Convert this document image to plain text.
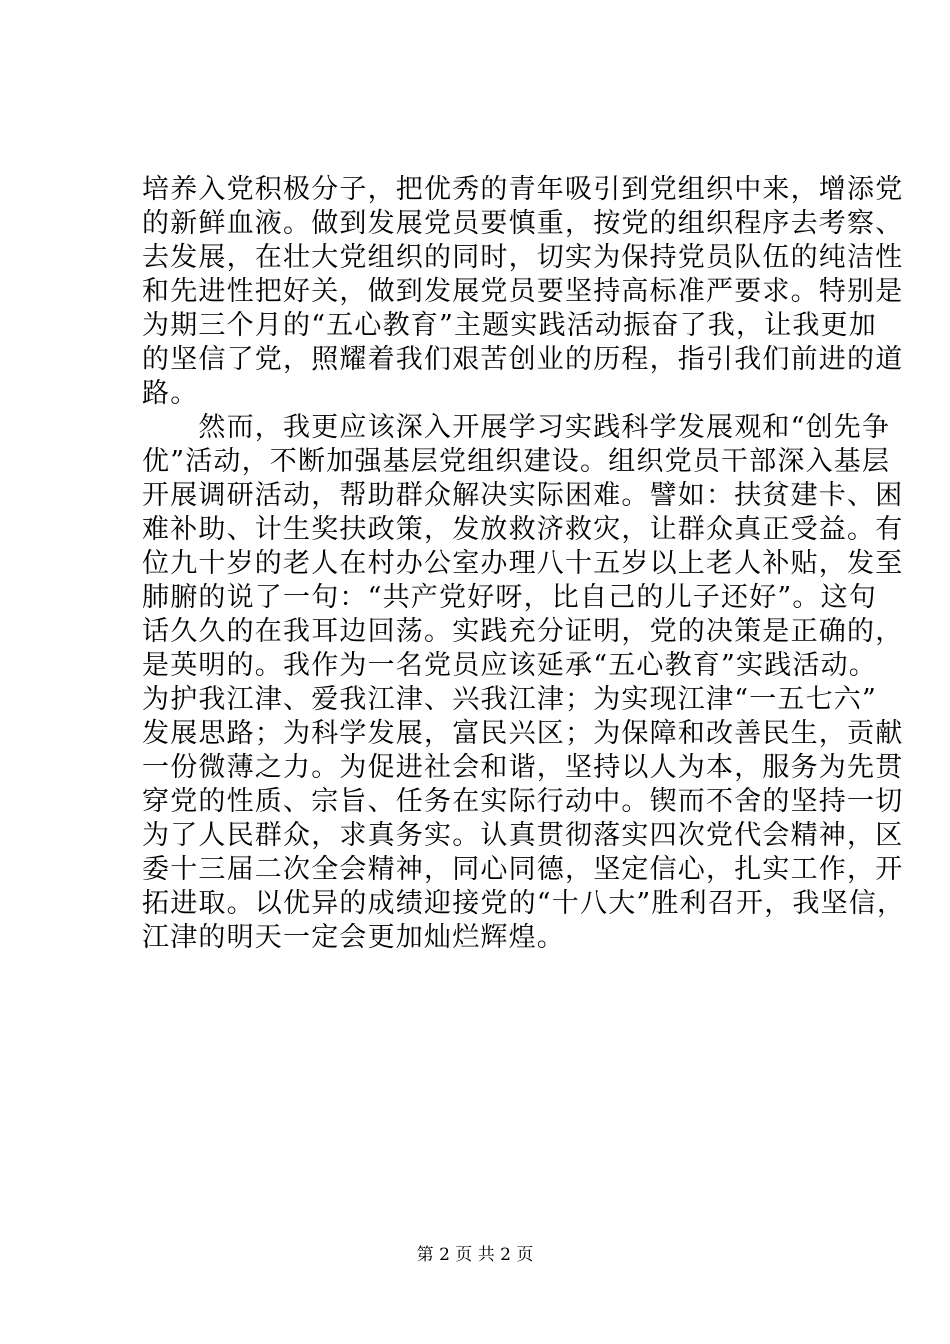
培养入党积极分子，把优秀的青年吸引到党组织中来，增添党
的新鲜血液。做到发展党员要慎重，按党的组织程序去考察、
去发展，在壮大党组织的同时，切实为保持党员队伍的纯洁性
和先进性把好关，做到发展党员要坚持高标准严要求。特别是
为期三个月的“五心教育”主题实践活动振奋了我，让我更加
的坚信了党，照耀着我们艰苦创业的历程，指引我们前进的道
路。
　　然而，我更应该深入开展学习实践科学发展观和“创先争
优”活动，不断加强基层党组织建设。组织党员干部深入基层
开展调研活动，帮助群众解决实际困难。譬如：扶贫建卡、困
难补助、计生奖扶政策，发放救济救灾，让群众真正受益。有
位九十岁的老人在村办公室办理八十五岁以上老人补贴，发至
肺腑的说了一句：“共产党好呀，比自己的儿子还好”。这句
话久久的在我耳边回荡。实践充分证明，党的决策是正确的，
是英明的。我作为一名党员应该延承“五心教育”实践活动。
为护我江津、爱我江津、兴我江津；为实现江津“一五七六”
发展思路；为科学发展，富民兴区；为保障和改善民生，贡献
一份微薄之力。为促进社会和谐，坚持以人为本，服务为先贯
穿党的性质、宗旨、任务在实际行动中。锲而不舍的坚持一切
为了人民群众，求真务实。认真贯彻落实四次党代会精神，区
委十三届二次全会精神，同心同德，坚定信心，扎实工作，开
拓进取。以优异的成绩迎接党的“十八大”胜利召开，我坚信，
江津的明天一定会更加灿烂辉煌。
第 2 页 共 2 页
